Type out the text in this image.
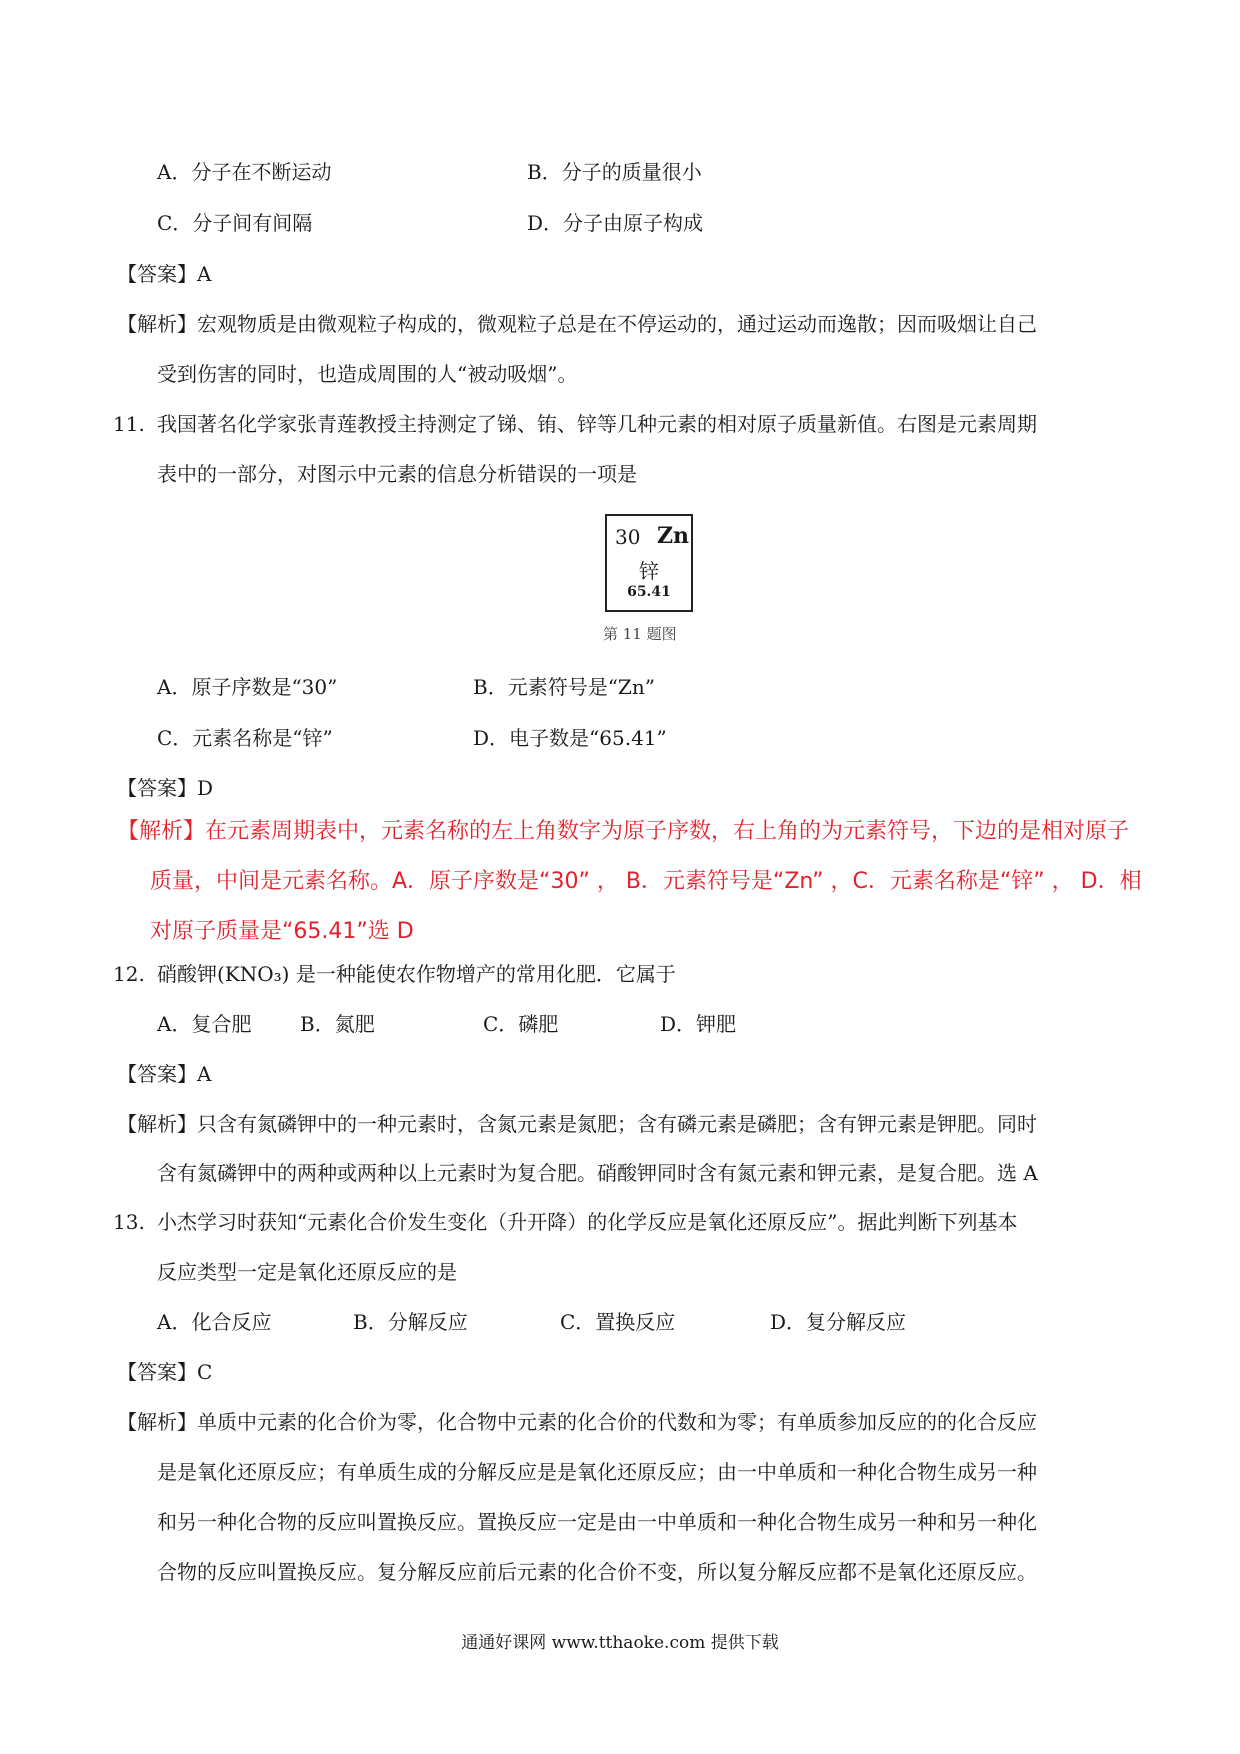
A．分子在不断运动	B．分子的质量很小
C．分子间有间隔	D．分子由原子构成
【答案】A
【解析】宏观物质是由微观粒子构成的，微观粒子总是在不停运动的，通过运动而逸散；因而吸烟让自己
受到伤害的同时，也造成周围的人“被动吸烟”。
11. 我国著名化学家张青莲教授主持测定了锑、铕、锌等几种元素的相对原子质量新值。右图是元素周期
表中的一部分，对图示中元素的信息分析错误的一项是
30 Zn
锌
65.41
第 11 题图
A．原子序数是“30”	B．元素符号是“Zn”
C．元素名称是“锌”	D．电子数是“65.41”
【答案】D
【解析】在元素周期表中，元素名称的左上角数字为原子序数，右上角的为元素符号，下边的是相对原子
质量，中间是元素名称。A．原子序数是“30” ， B．元素符号是“Zn” ，C．元素名称是“锌” ， D．相
对原子质量是“65.41”选 D
12. 硝酸钾(KNO₃) 是一种能使农作物增产的常用化肥．它属于
A．复合肥 B．氮肥	C．磷肥	D．钾肥
【答案】A
【解析】只含有氮磷钾中的一种元素时，含氮元素是氮肥；含有磷元素是磷肥；含有钾元素是钾肥。同时
含有氮磷钾中的两种或两种以上元素时为复合肥。硝酸钾同时含有氮元素和钾元素，是复合肥。选 A
13. 小杰学习时获知“元素化合价发生变化（升开降）的化学反应是氧化还原反应”。据此判断下列基本
反应类型一定是氧化还原反应的是
A．化合反应	B．分解反应	C．置换反应	D．复分解反应
【答案】C
【解析】单质中元素的化合价为零，化合物中元素的化合价的代数和为零；有单质参加反应的的化合反应
是是氧化还原反应；有单质生成的分解反应是是氧化还原反应；由一中单质和一种化合物生成另一种
和另一种化合物的反应叫置换反应。置换反应一定是由一中单质和一种化合物生成另一种和另一种化
合物的反应叫置换反应。复分解反应前后元素的化合价不变，所以复分解反应都不是氧化还原反应。
通通好课网 www.tthaoke.com 提供下载
